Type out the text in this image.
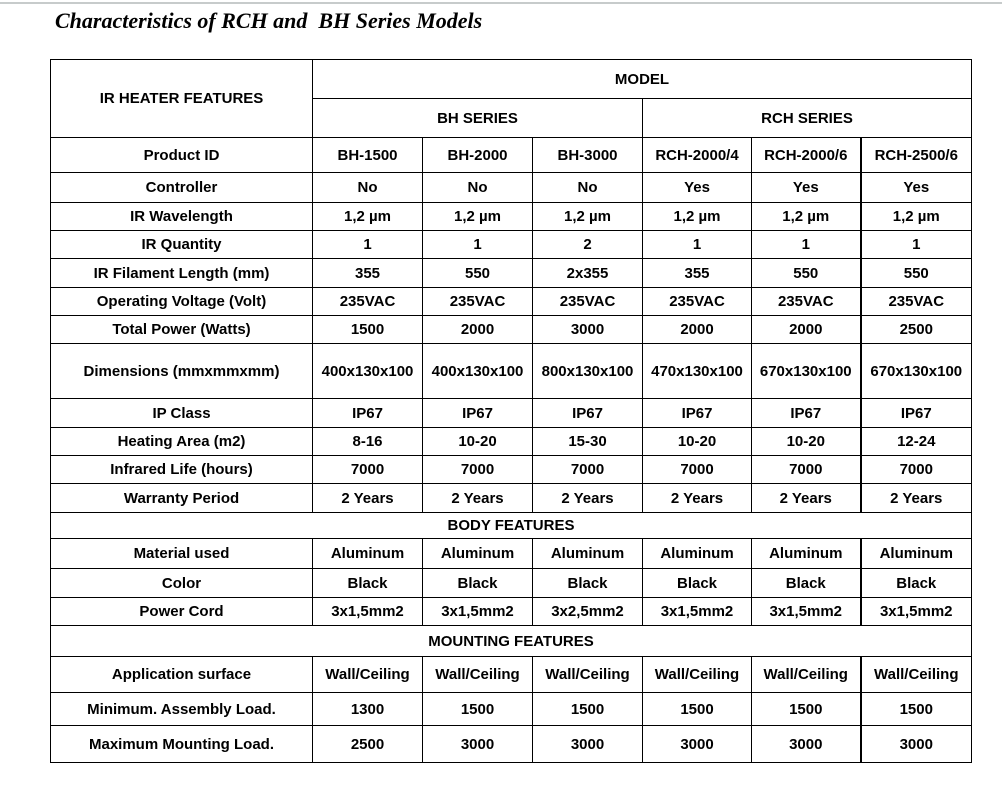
Characteristics of RCH and  BH Series Models
IR HEATER FEATURES	MODEL					
	BH SERIES			RCH SERIES		
Product ID	BH-1500	BH-2000	BH-3000	RCH-2000/4	RCH-2000/6	RCH-2500/6
Controller	No	No	No	Yes	Yes	Yes
IR Wavelength	1,2 µm	1,2 µm	1,2 µm	1,2 µm	1,2 µm	1,2 µm
IR Quantity	1	1	2	1	1	1
IR Filament Length (mm)	355	550	2x355	355	550	550
Operating Voltage (Volt)	235VAC	235VAC	235VAC	235VAC	235VAC	235VAC
Total Power (Watts)	1500	2000	3000	2000	2000	2500
Dimensions (mmxmmxmm)	400x130x100	400x130x100	800x130x100	470x130x100	670x130x100	670x130x100
IP Class	IP67	IP67	IP67	IP67	IP67	IP67
Heating Area (m2)	8-16	10-20	15-30	10-20	10-20	12-24
Infrared Life (hours)	7000	7000	7000	7000	7000	7000
Warranty Period	2 Years	2 Years	2 Years	2 Years	2 Years	2 Years
BODY FEATURES						
Material used	Aluminum	Aluminum	Aluminum	Aluminum	Aluminum	Aluminum
Color	Black	Black	Black	Black	Black	Black
Power Cord	3x1,5mm2	3x1,5mm2	3x2,5mm2	3x1,5mm2	3x1,5mm2	3x1,5mm2
MOUNTING FEATURES						
Application surface	Wall/Ceiling	Wall/Ceiling	Wall/Ceiling	Wall/Ceiling	Wall/Ceiling	Wall/Ceiling
Minimum. Assembly Load.	1300	1500	1500	1500	1500	1500
Maximum Mounting Load.	2500	3000	3000	3000	3000	3000
